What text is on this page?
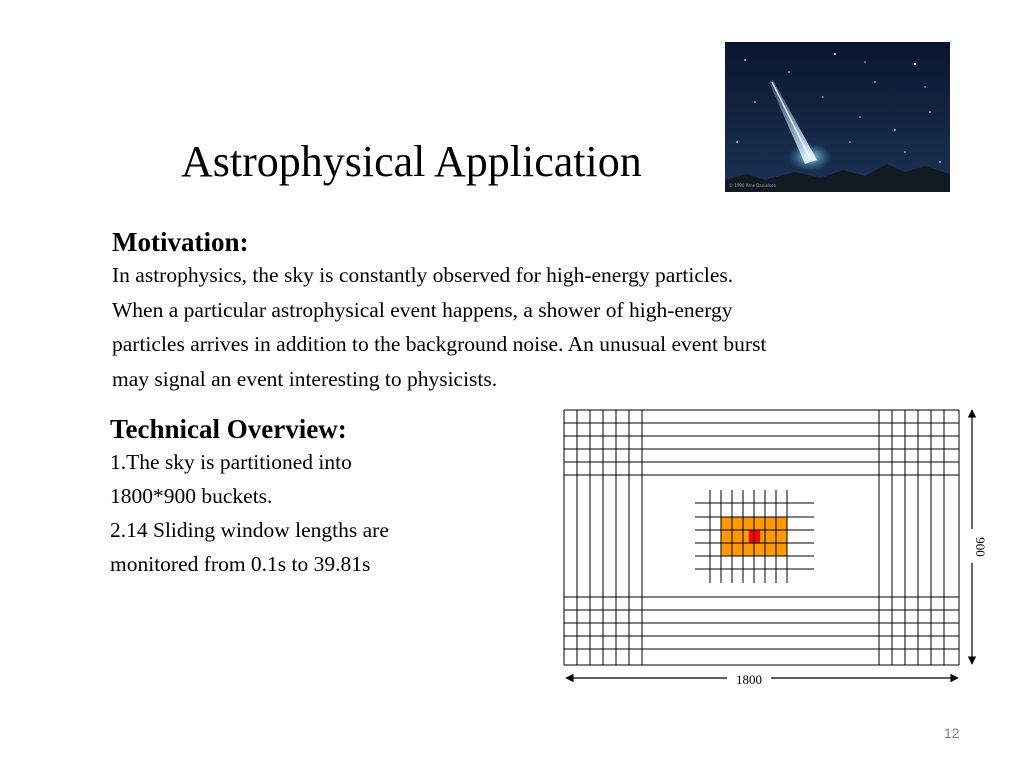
Astrophysical Application	© 1996 Arne Danielsen
Motivation:
In astrophysics, the sky is constantly observed for high-energy particles.
When a particular astrophysical event happens, a shower of high-energy
particles arrives in addition to the background noise. An unusual event burst
may signal an event interesting to physicists.
Technical Overview:
1.The sky is partitioned into
1800*900 buckets.
2.14 Sliding window lengths are
monitored from 0.1s to 39.81s
1800
900
12
